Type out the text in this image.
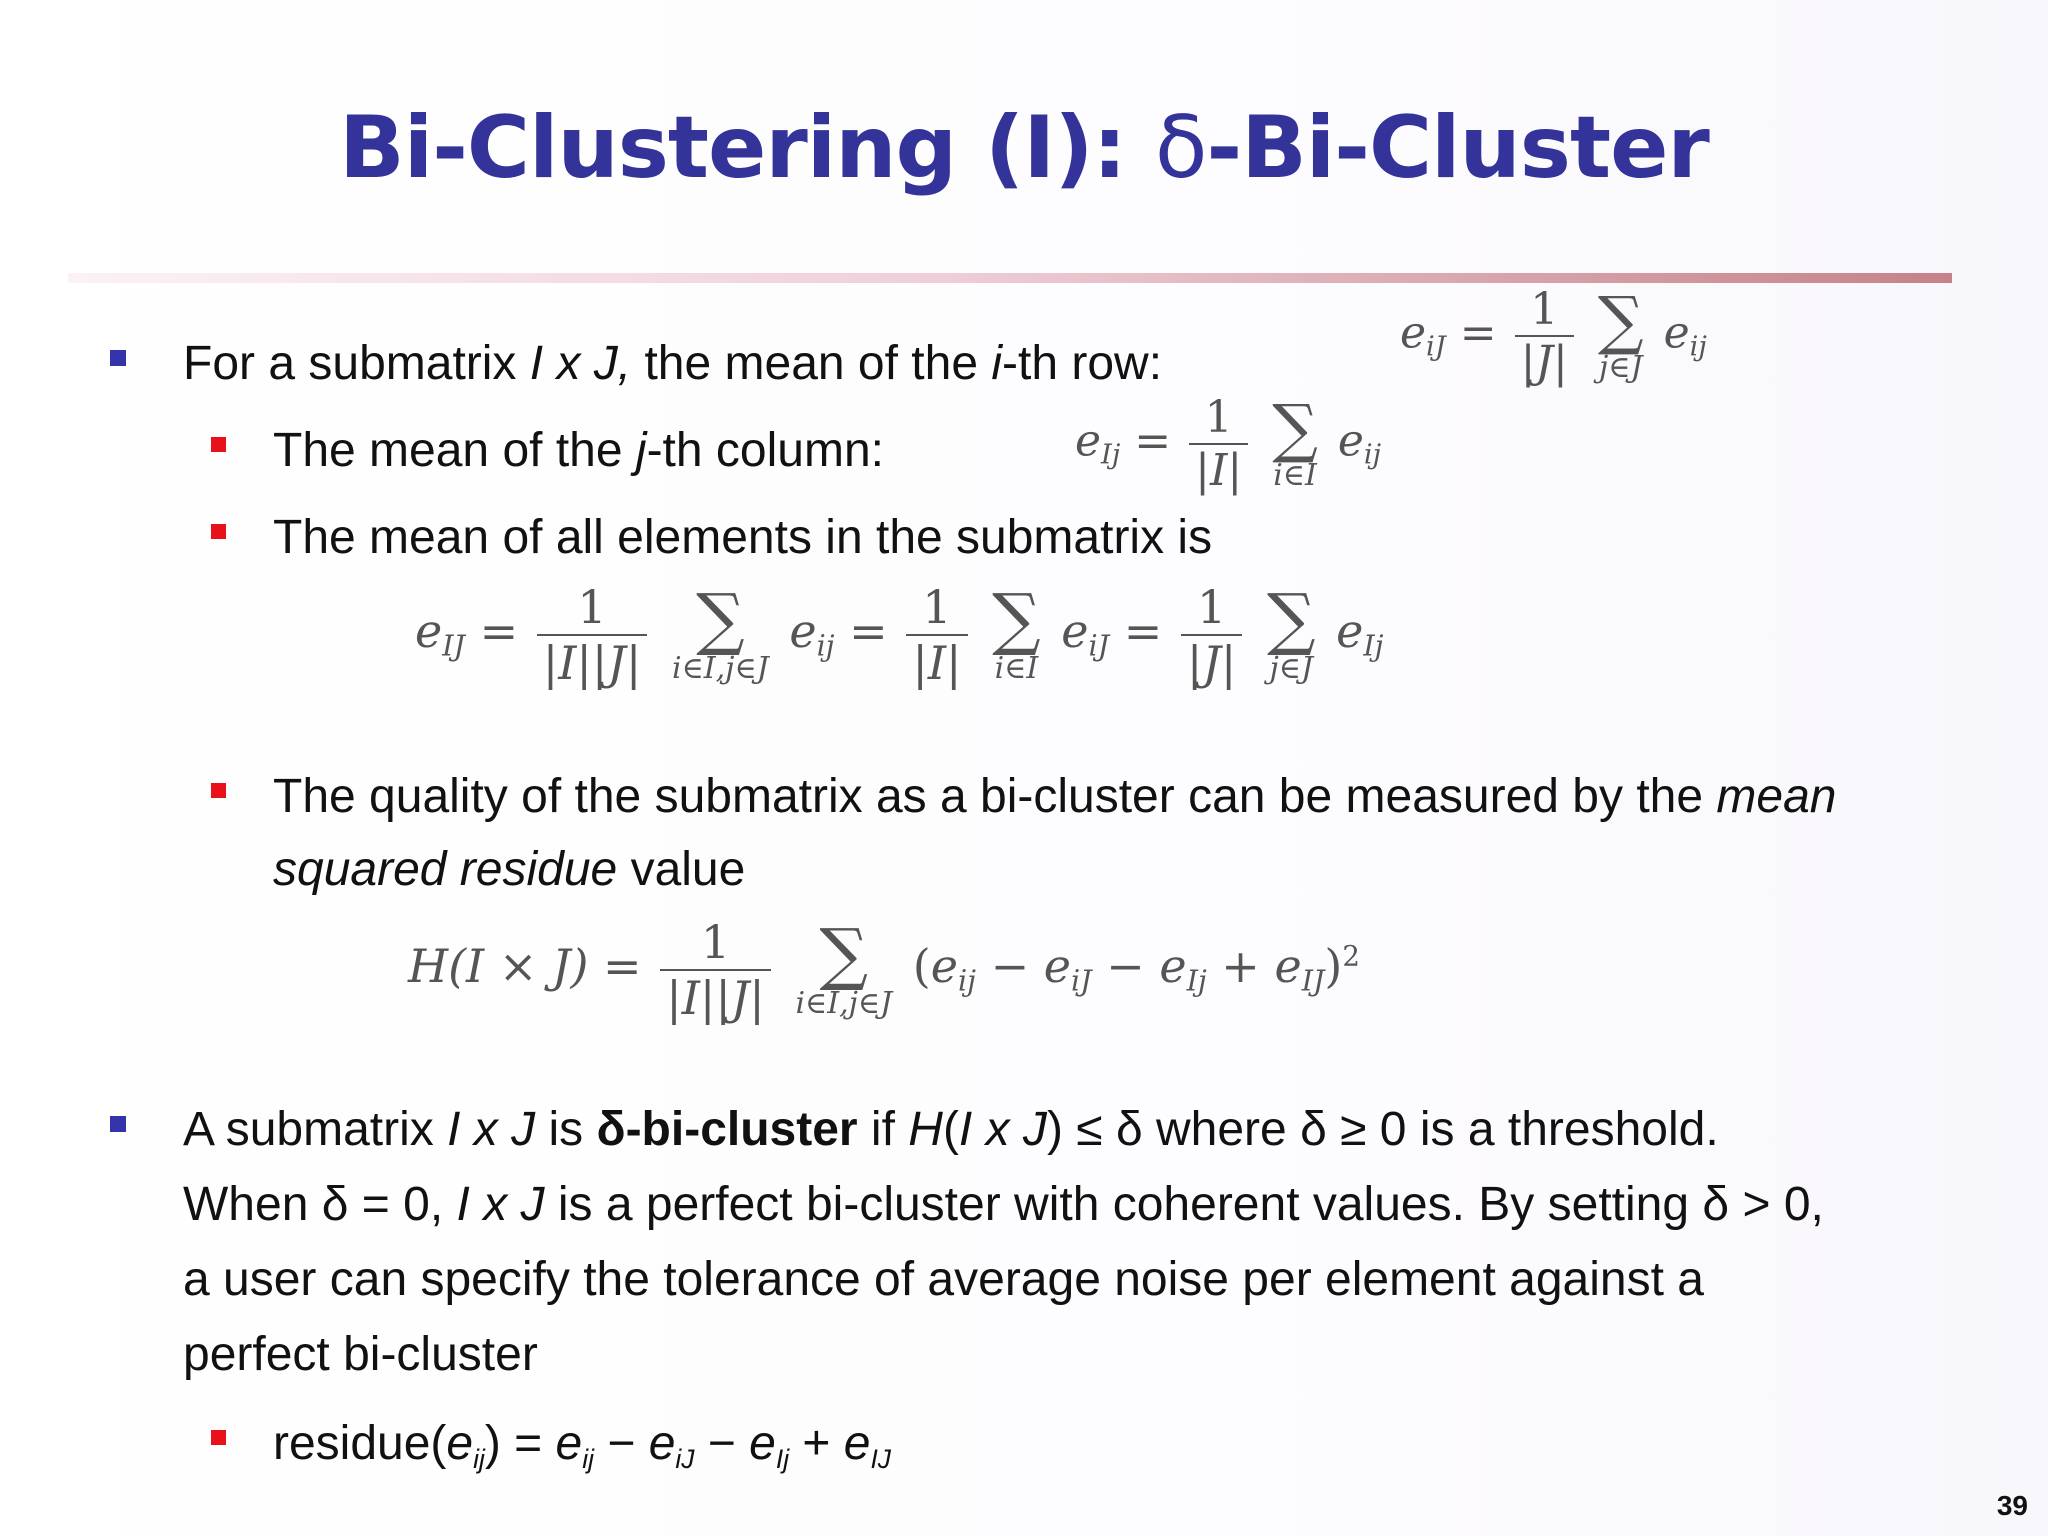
Bi-Clustering (I): δ-Bi-Cluster
For a submatrix I x J, the mean of the i-th row:
$e_{iJ} = \frac{1}{|J|}$
∑
j∈J
$e_{ij}$
The mean of the j-th column:	$e_{Ij} = \frac{1}{|I|}$
∑
i∈I
$e_{ij}$
The mean of all elements in the submatrix is
$e_{IJ} = \frac{1}{|I||J|}$
∑
i∈I,j∈J
$e_{ij} = \frac{1}{|I|}$
∑
i∈I
$e_{iJ} = \frac{1}{|J|}$
∑
j∈J
$e_{Ij}$
The quality of the submatrix as a bi-cluster can be measured by the mean
squared residue value
$H(I \times J) = \frac{1}{|I||J|}$
∑
i∈I,j∈J
$(e_{ij} - e_{iJ} - e_{Ij} + e_{IJ})^2$
A submatrix I x J is δ-bi-cluster if H(I x J) ≤ δ where δ ≥ 0 is a threshold.
When δ = 0, I x J is a perfect bi-cluster with coherent values. By setting δ > 0,
a user can specify the tolerance of average noise per element against a
perfect bi-cluster
residue(eij) = eij − eiJ − eIj + eIJ
39
